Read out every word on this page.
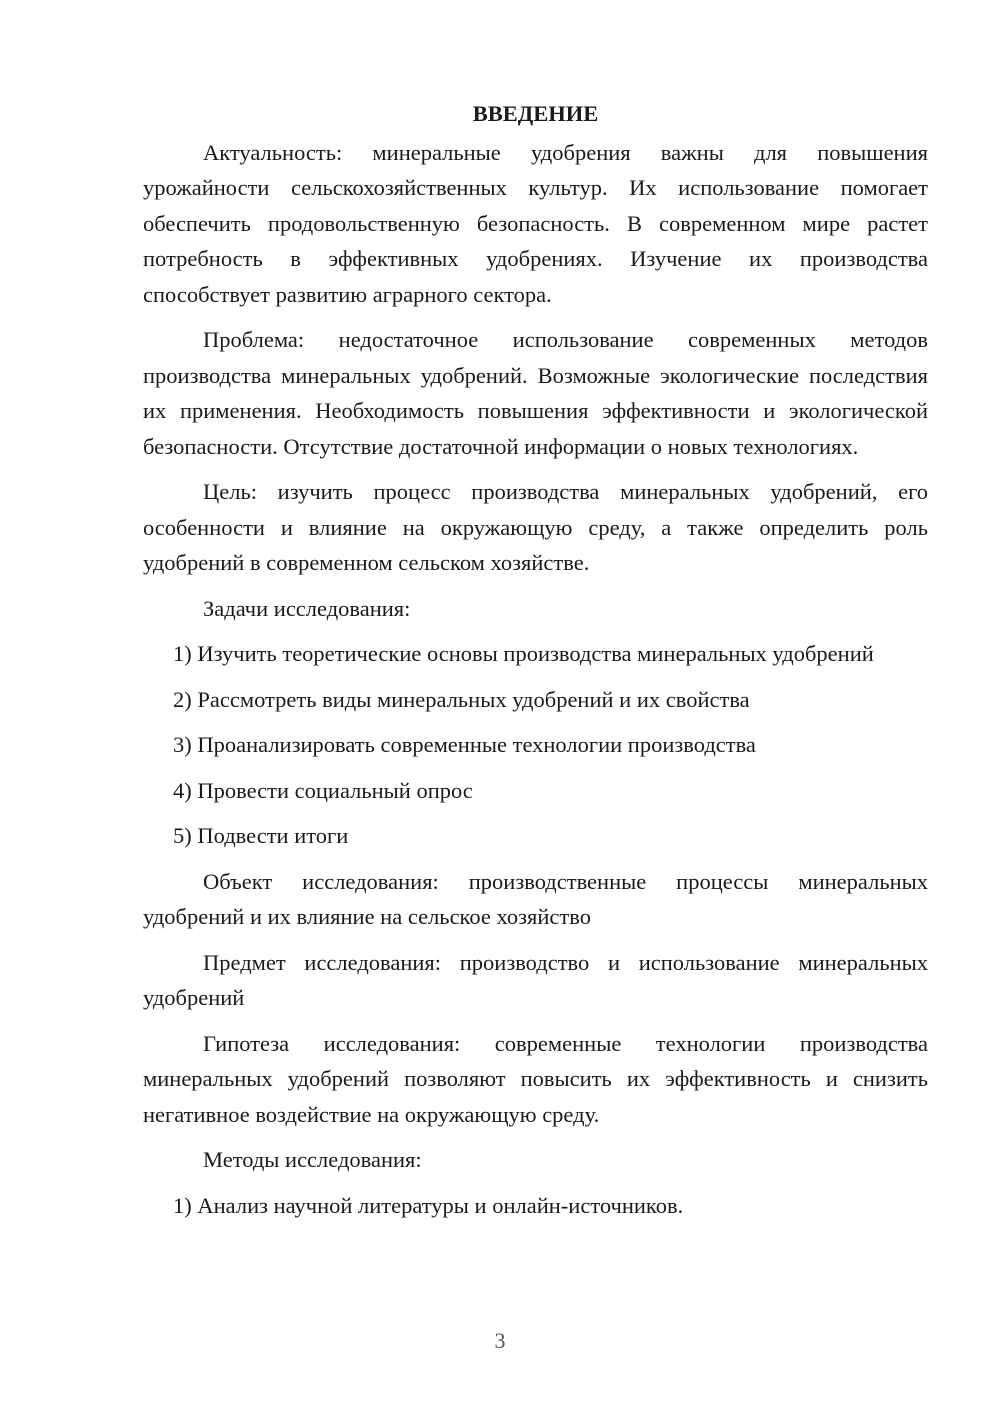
ВВЕДЕНИЕ

Актуальность: минеральные удобрения важны для повышения урожайности сельскохозяйственных культур. Их использование помогает обеспечить продовольственную безопасность. В современном мире растет потребность в эффективных удобрениях. Изучение их производства способствует развитию аграрного сектора.

Проблема: недостаточное использование современных методов производства минеральных удобрений. Возможные экологические последствия их применения. Необходимость повышения эффективности и экологической безопасности. Отсутствие достаточной информации о новых технологиях.

Цель: изучить процесс производства минеральных удобрений, его особенности и влияние на окружающую среду, а также определить роль удобрений в современном сельском хозяйстве.

Задачи исследования:

1) Изучить теоретические основы производства минеральных удобрений

2) Рассмотреть виды минеральных удобрений и их свойства

3) Проанализировать современные технологии производства

4) Провести социальный опрос

5) Подвести итоги

Объект исследования: производственные процессы минеральных удобрений и их влияние на сельское хозяйство

Предмет исследования: производство и использование минеральных удобрений

Гипотеза исследования: современные технологии производства минеральных удобрений позволяют повысить их эффективность и снизить негативное воздействие на окружающую среду.

Методы исследования:

1) Анализ научной литературы и онлайн-источников.

3
